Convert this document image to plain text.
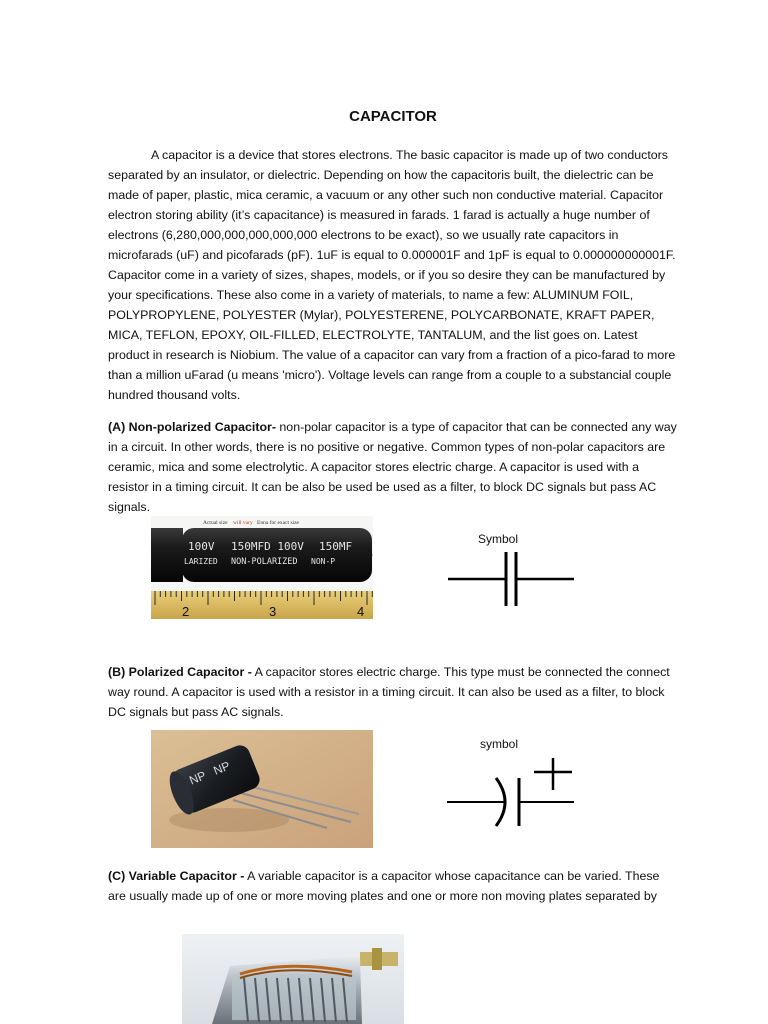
CAPACITOR

A capacitor is a device that stores electrons. The basic capacitor is made up of two conductors separated by an insulator, or dielectric. Depending on how the capacitoris built, the dielectric can be made of paper, plastic, mica ceramic, a vacuum or any other such non conductive material. Capacitor electron storing ability (it’s capacitance) is measured in farads. 1 farad is actually a huge number of electrons (6,280,000,000,000,000,000 electrons to be exact), so we usually rate capacitors in microfarads (uF) and picofarads (pF). 1uF is equal to 0.000001F and 1pF is equal to 0.000000000001F. Capacitor come in a variety of sizes, shapes, models, or if you so desire they can be manufactured by your specifications. These also come in a variety of materials, to name a few: ALUMINUM FOIL, POLYPROPYLENE, POLYESTER (Mylar), POLYESTERENE, POLYCARBONATE, KRAFT PAPER, MICA, TEFLON, EPOXY, OIL-FILLED, ELECTROLYTE, TANTALUM, and the list goes on. Latest product in research is Niobium. The value of a capacitor can vary from a fraction of a pico-farad to more than a million uFarad (u means 'micro'). Voltage levels can range from a couple to a substancial couple hundred thousand volts.

(A) Non-polarized Capacitor- non-polar capacitor is a type of capacitor that can be connected any way in a circuit. In other words, there is no positive or negative. Common types of non-polar capacitors are ceramic, mica and some electrolytic. A capacitor stores electric charge. A capacitor is used with a resistor in a timing circuit. It can be also be used be used as a filter, to block DC signals but pass AC signals.

Actual size will vary Enna for exact size
100V
LARIZED
150MFD 100V
NON-POLARIZED
150MF
NON-P
2	3	4
Symbol

(B) Polarized Capacitor - A capacitor stores electric charge. This type must be connected the connect way round. A capacitor is used with a resistor in a timing circuit. It can also be used as a filter, to block DC signals but pass AC signals.

NP
NP
symbol

(C) Variable Capacitor - A variable capacitor is a capacitor whose capacitance can be varied. These are usually made up of one or more moving plates and one or more non moving plates separated by
